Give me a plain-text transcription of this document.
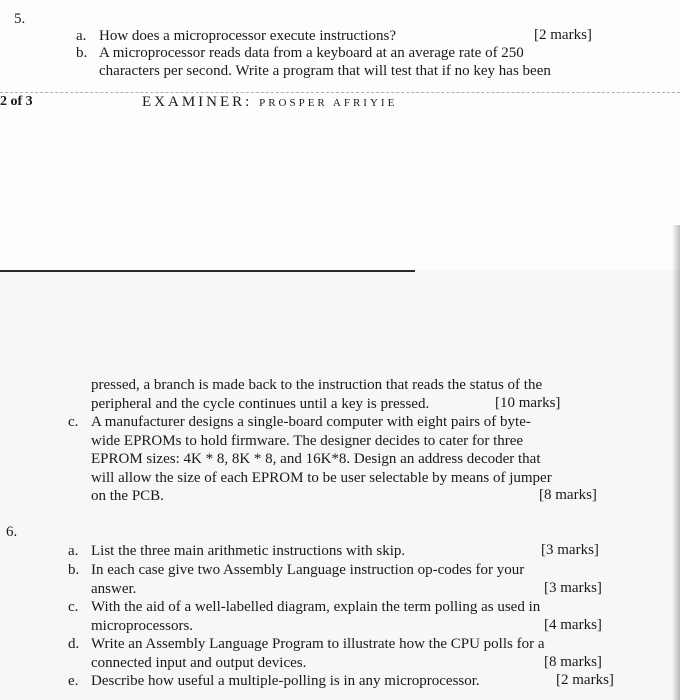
5.
a. How does a microprocessor execute instructions?	[2 marks]
b. A microprocessor reads data from a keyboard at an average rate of 250
characters per second. Write a program that will test that if no key has been
2 of 3	EXAMINER: PROSPER AFRIYIE
pressed, a branch is made back to the instruction that reads the status of the
peripheral and the cycle continues until a key is pressed.	[10 marks]
c. A manufacturer designs a single-board computer with eight pairs of byte-
wide EPROMs to hold firmware. The designer decides to cater for three
EPROM sizes: 4K * 8, 8K * 8, and 16K*8. Design an address decoder that
will allow the size of each EPROM to be user selectable by means of jumper
on the PCB.	[8 marks]
6.
a. List the three main arithmetic instructions with skip.	[3 marks]
b. In each case give two Assembly Language instruction op-codes for your
answer.	[3 marks]
c. With the aid of a well-labelled diagram, explain the term polling as used in
microprocessors.	[4 marks]
d. Write an Assembly Language Program to illustrate how the CPU polls for a
connected input and output devices.	[8 marks]
e. Describe how useful a multiple-polling is in any microprocessor.	[2 marks]
